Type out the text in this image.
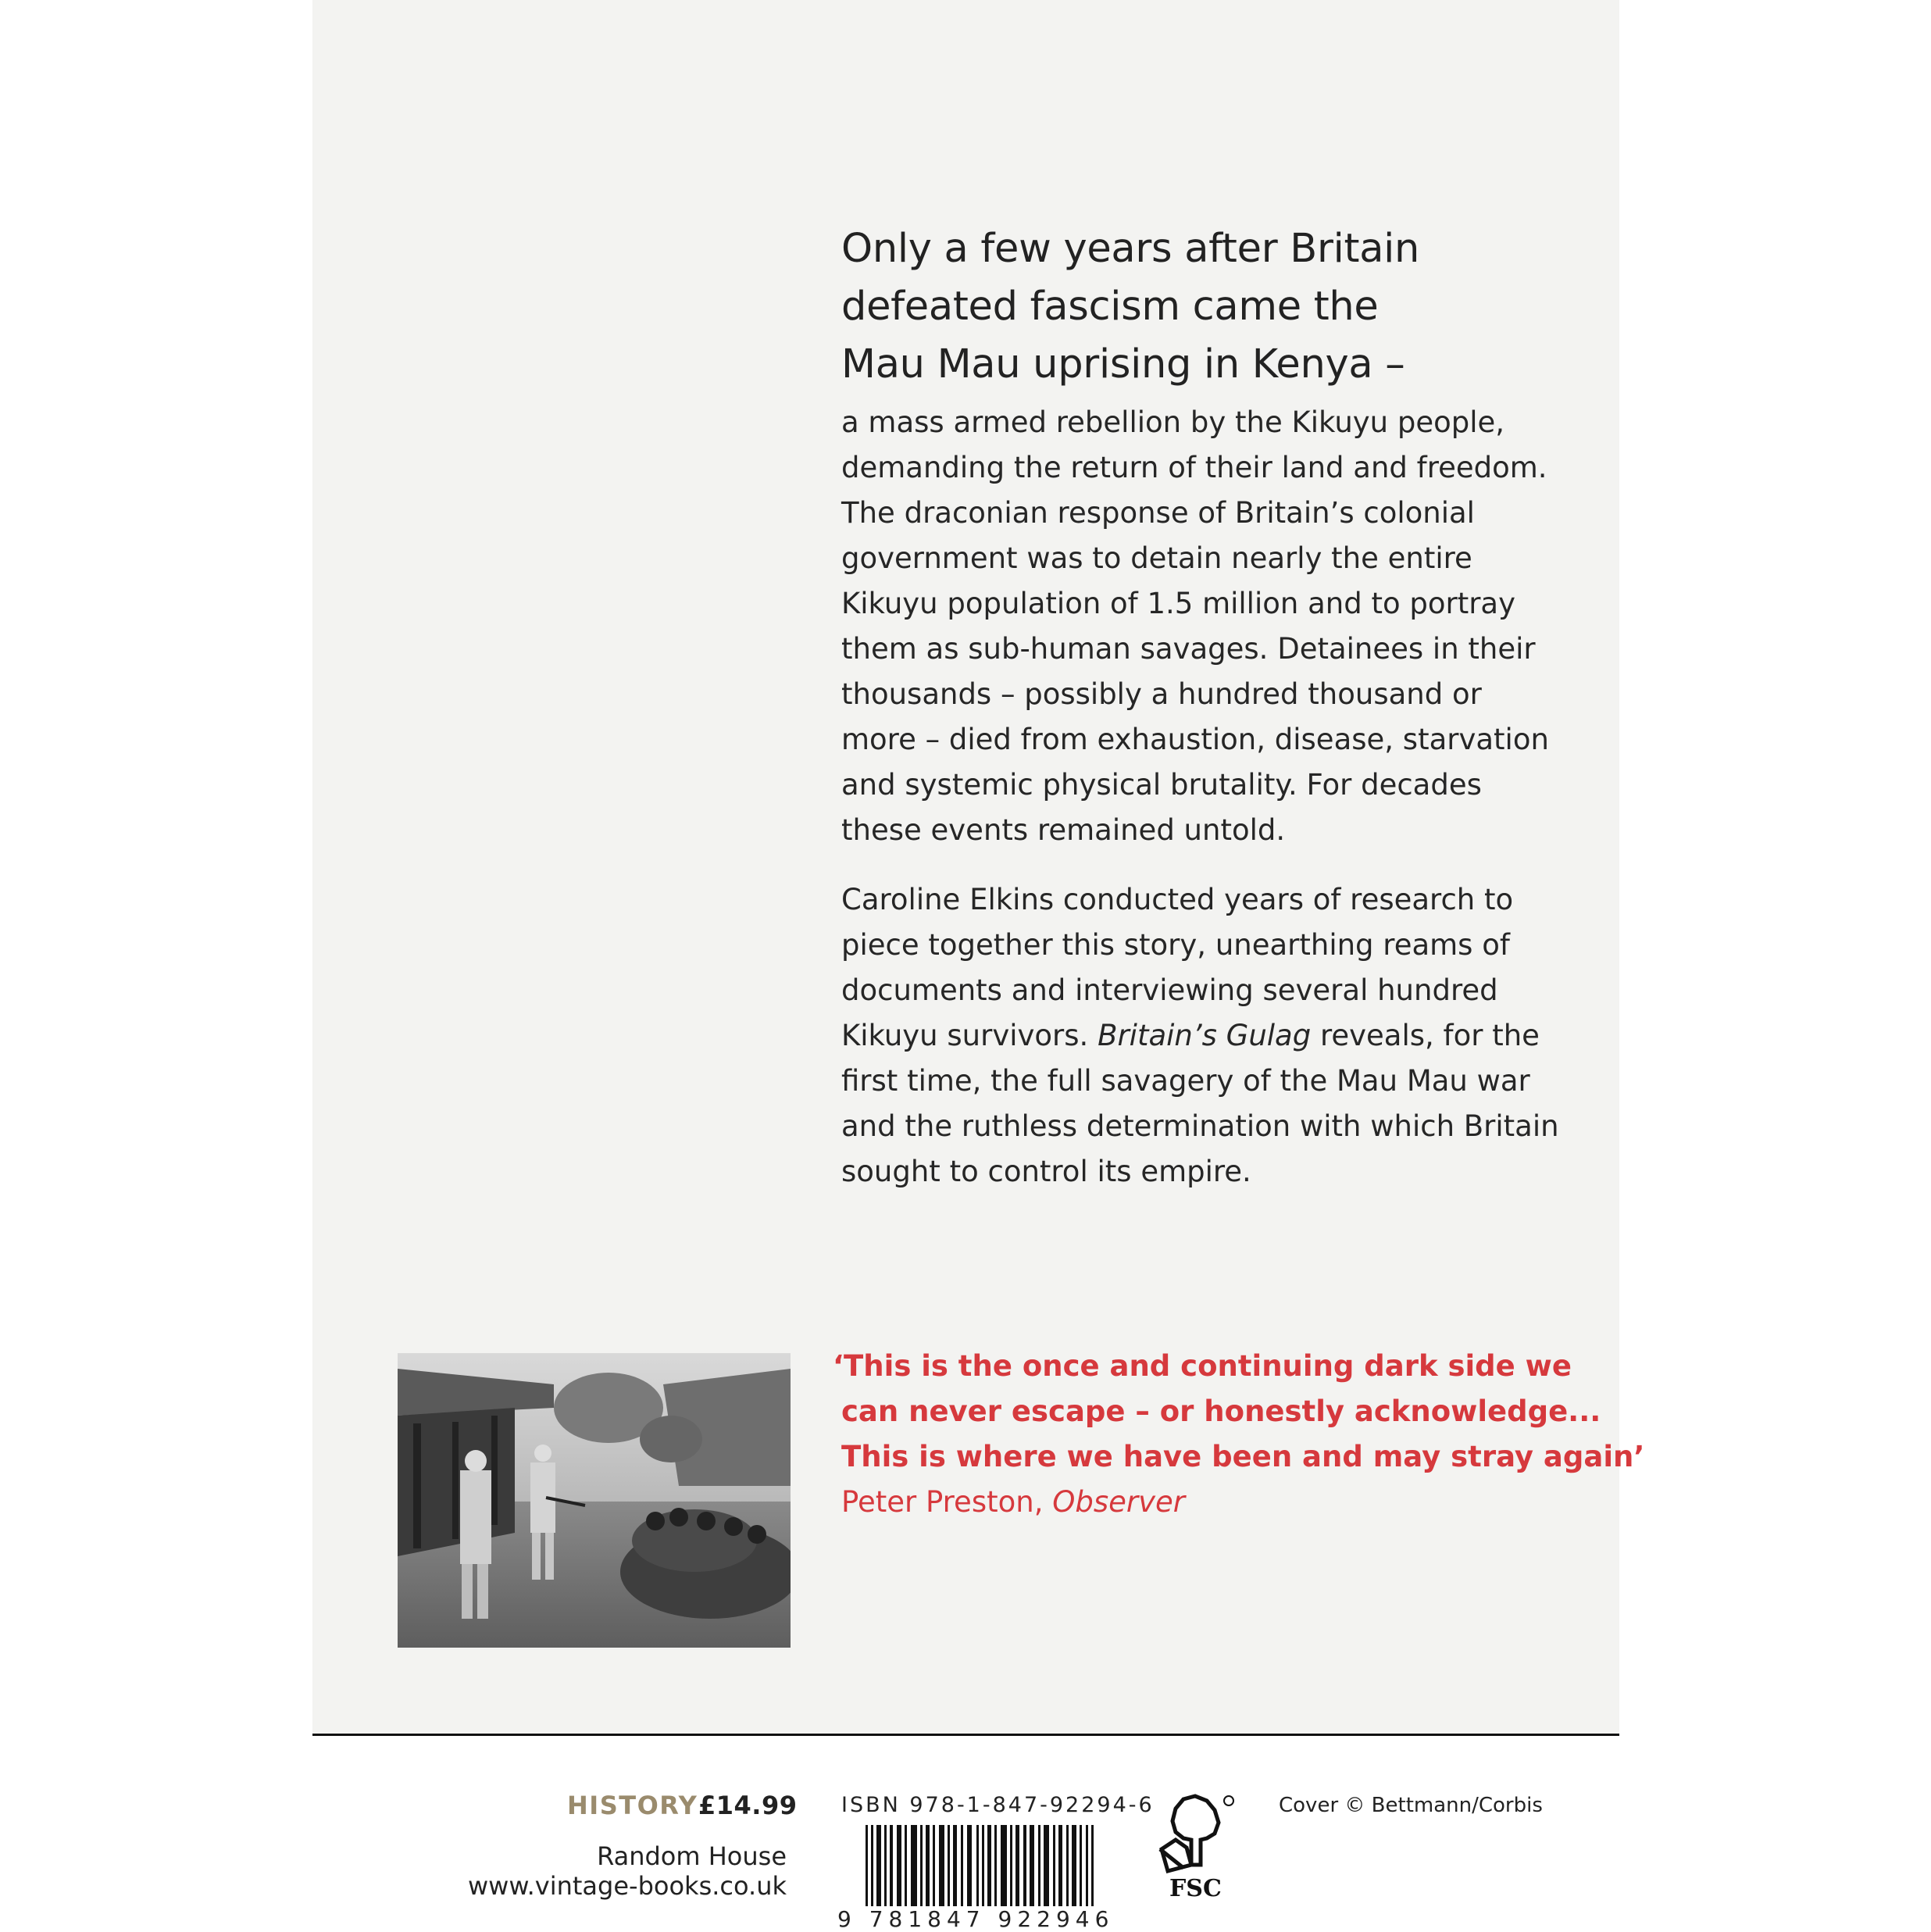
Only a few years after Britain
defeated fascism came the
Mau Mau uprising in Kenya –
a mass armed rebellion by the Kikuyu people,
demanding the return of their land and freedom.
The draconian response of Britain’s colonial
government was to detain nearly the entire
Kikuyu population of 1.5 million and to portray
them as sub-human savages. Detainees in their
thousands – possibly a hundred thousand or
more – died from exhaustion, disease, starvation
and systemic physical brutality. For decades
these events remained untold.
Caroline Elkins conducted years of research to
piece together this story, unearthing reams of
documents and interviewing several hundred
Kikuyu survivors. Britain’s Gulag reveals, for the
first time, the full savagery of the Mau Mau war
and the ruthless determination with which Britain
sought to control its empire.
‘This is the once and continuing dark side we
can never escape – or honestly acknowledge...
This is where we have been and may stray again’
Peter Preston, Observer
HISTORY £14.99
Random House
www.vintage-books.co.uk
ISBN 978-1-847-92294-6
9 781847 922946
FSC
Cover © Bettmann/Corbis
